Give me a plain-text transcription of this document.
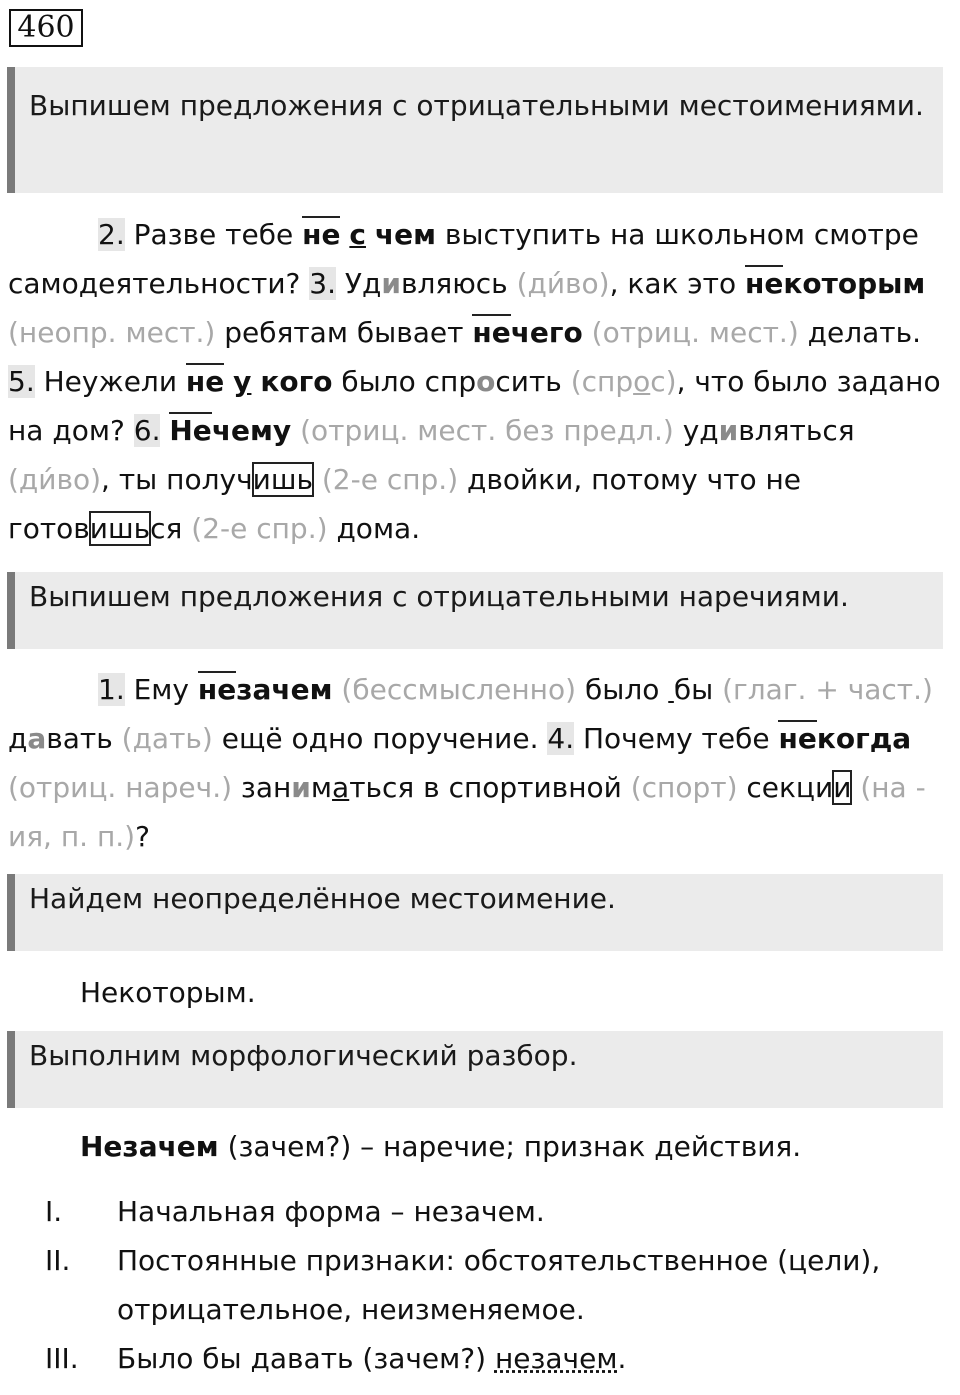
460
Выпишем предложения с отрицательными местоимениями.
2. Разве тебе не с чем выступить на школьном смотре самодеятельности? 3. Удивляюсь (ди́во), как это некоторым (неопр. мест.) ребятам бывает нечего (отриц. мест.) делать. 5. Неужели не у кого было спросить (спрос), что было задано на дом? 6. Нечему (отриц. мест. без предл.) удивляться (ди́во), ты получишь (2-е спр.) двойки, потому что не готовишься (2-е спр.) дома.
Выпишем предложения с отрицательными наречиями.
1. Ему незачем (бессмысленно) было  бы (глаг. + част.) давать (дать) ещё одно поручение. 4. Почему тебе некогда (отриц. нареч.) заниматься в спортивной (спорт) секции (на - ия, п. п.)?
Найдем неопределённое местоимение.
Некоторым.
Выполним морфологический разбор.
Незачем (зачем?) – наречие; признак действия.
I. Начальная форма – незачем.
II. Постоянные признаки: обстоятельственное (цели), отрицательное, неизменяемое.
III. Было бы давать (зачем?) незачем.
